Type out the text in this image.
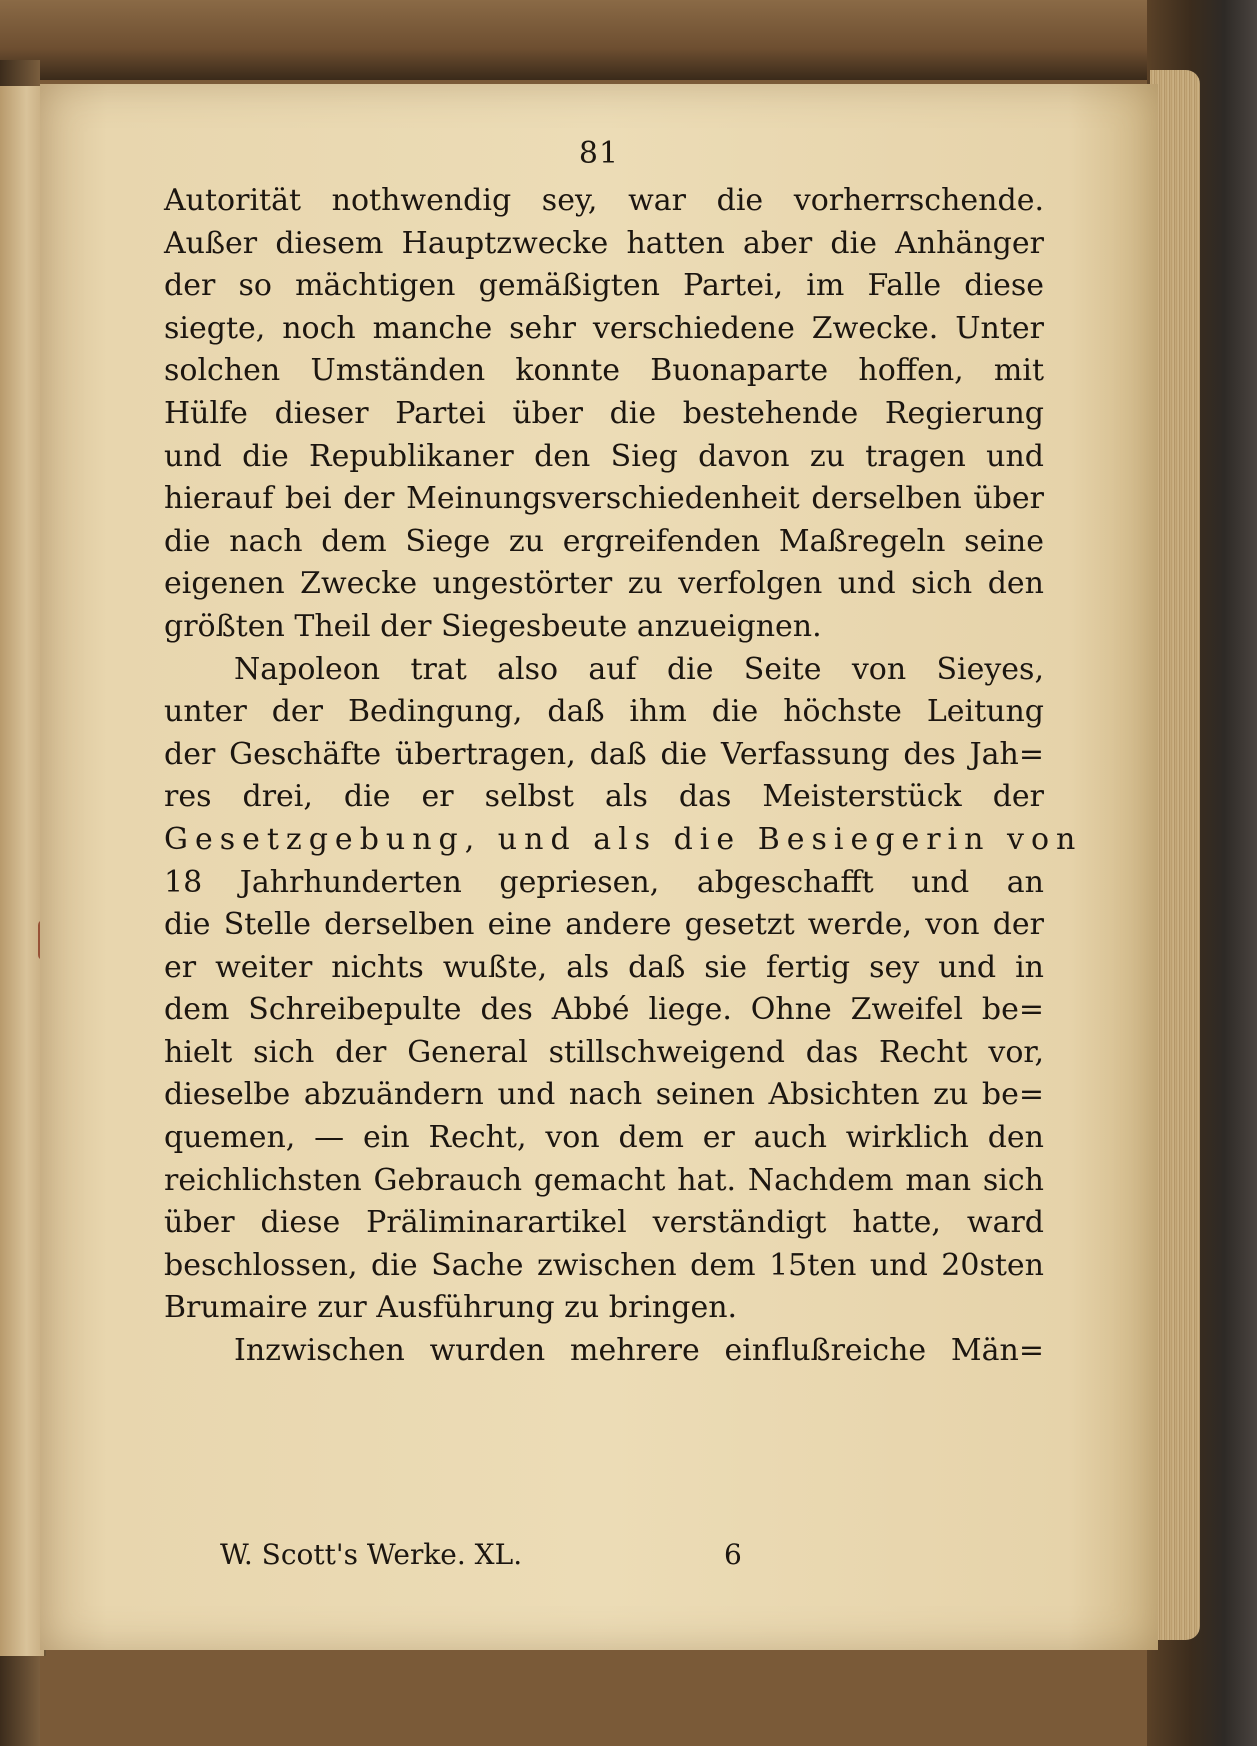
81
Autorität nothwendig sey, war die vorherrschende.
Außer diesem Hauptzwecke hatten aber die Anhänger
der so mächtigen gemäßigten Partei, im Falle diese
siegte, noch manche sehr verschiedene Zwecke. Unter
solchen Umständen konnte Buonaparte hoffen, mit
Hülfe dieser Partei über die bestehende Regierung
und die Republikaner den Sieg davon zu tragen und
hierauf bei der Meinungsverschiedenheit derselben über
die nach dem Siege zu ergreifenden Maßregeln seine
eigenen Zwecke ungestörter zu verfolgen und sich den
größten Theil der Siegesbeute anzueignen.
Napoleon trat also auf die Seite von Sieyes,
unter der Bedingung, daß ihm die höchste Leitung
der Geschäfte übertragen, daß die Verfassung des Jah=
res drei, die er selbst als das Meisterstück der
Gesetzgebung, und als die Besiegerin von
18 Jahrhunderten gepriesen, abgeschafft und an
die Stelle derselben eine andere gesetzt werde, von der
er weiter nichts wußte, als daß sie fertig sey und in
dem Schreibepulte des Abbé liege. Ohne Zweifel be=
hielt sich der General stillschweigend das Recht vor,
dieselbe abzuändern und nach seinen Absichten zu be=
quemen, — ein Recht, von dem er auch wirklich den
reichlichsten Gebrauch gemacht hat. Nachdem man sich
über diese Präliminarartikel verständigt hatte, ward
beschlossen, die Sache zwischen dem 15ten und 20sten
Brumaire zur Ausführung zu bringen.
Inzwischen wurden mehrere einflußreiche Män=
W. Scott's Werke. XL.	6
